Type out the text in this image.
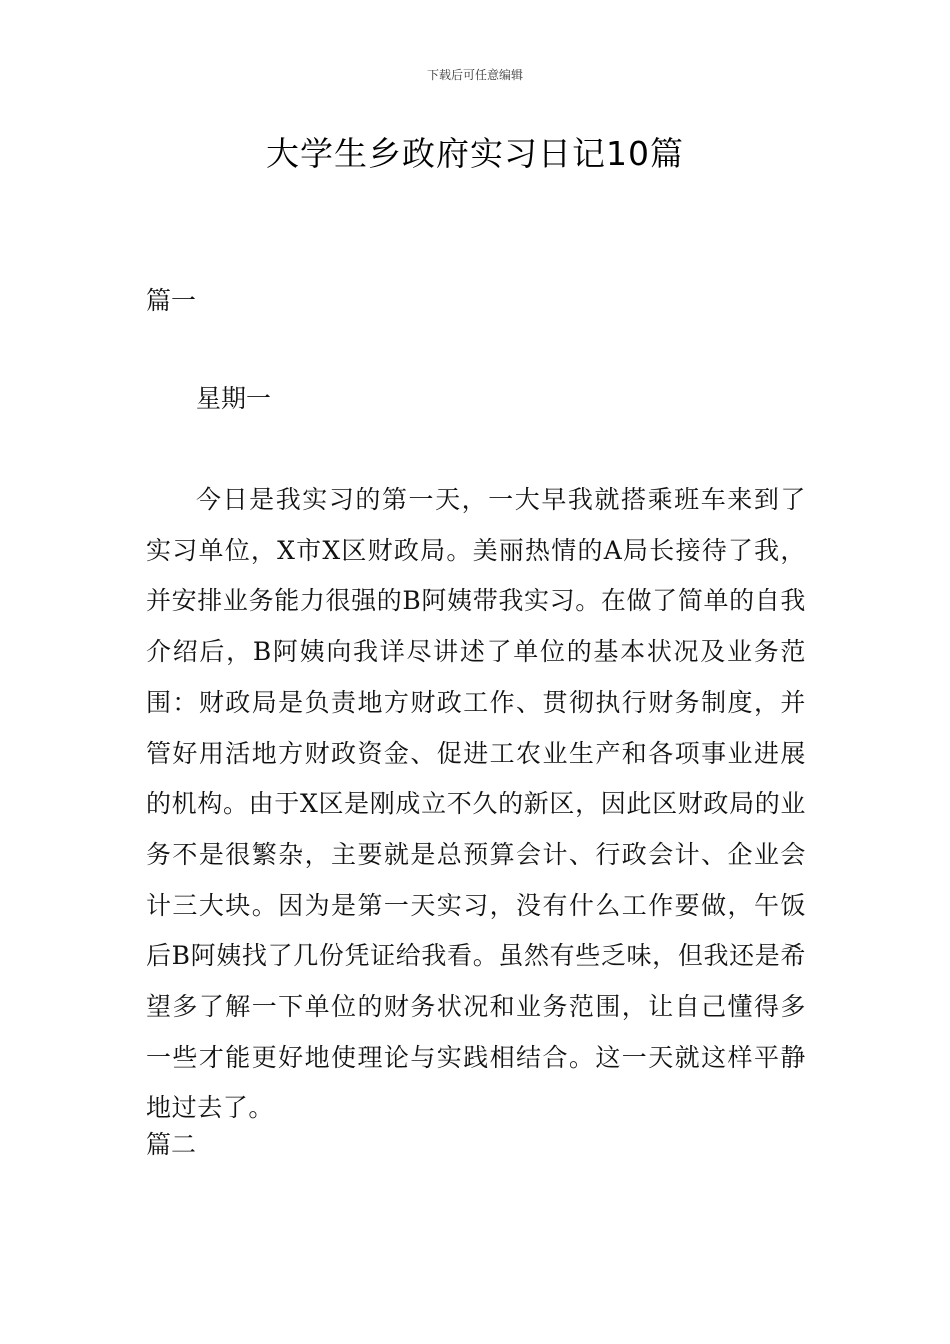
下载后可任意编辑
大学生乡政府实习日记10篇
篇一
星期一

今日是我实习的第一天，一大早我就搭乘班车来到了实习单位，X市X区财政局。美丽热情的A局长接待了我，并安排业务能力很强的B阿姨带我实习。在做了简单的自我介绍后，B阿姨向我详尽讲述了单位的基本状况及业务范围：财政局是负责地方财政工作、贯彻执行财务制度，并管好用活地方财政资金、促进工农业生产和各项事业进展的机构。由于X区是刚成立不久的新区，因此区财政局的业务不是很繁杂，主要就是总预算会计、行政会计、企业会计三大块。因为是第一天实习，没有什么工作要做，午饭后B阿姨找了几份凭证给我看。虽然有些乏味，但我还是希望多了解一下单位的财务状况和业务范围，让自己懂得多一些才能更好地使理论与实践相结合。这一天就这样平静地过去了。

篇二
